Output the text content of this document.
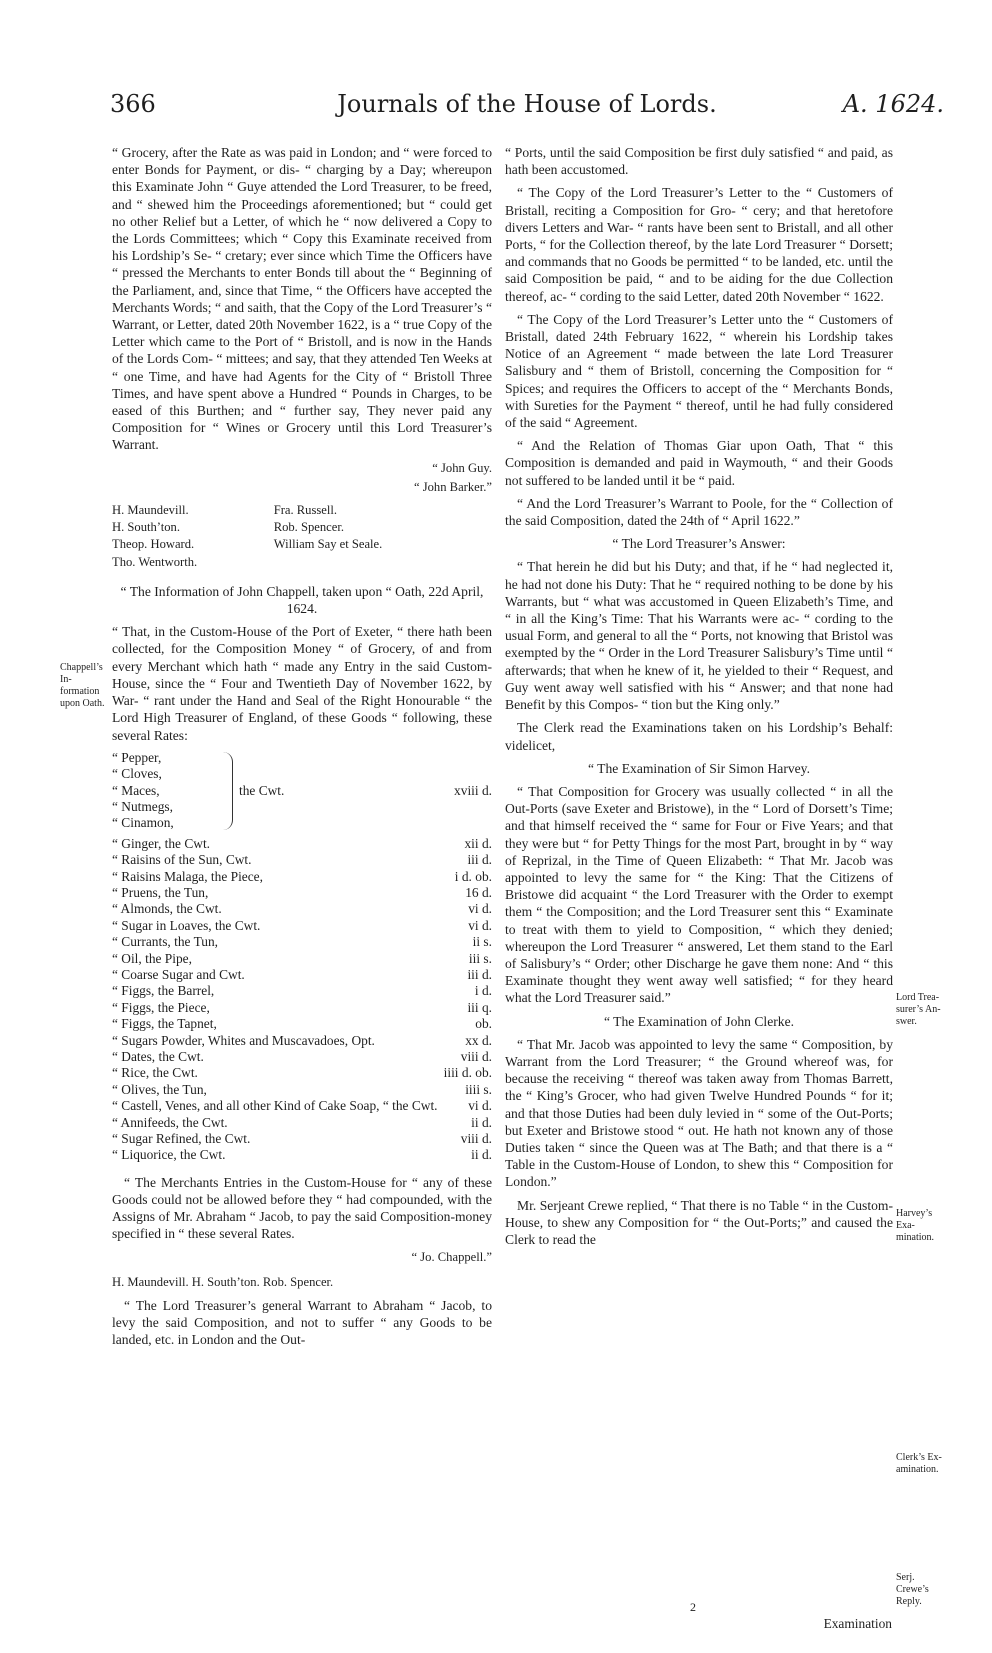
366	Journals of the House of Lords.	A. 1624.

“ Grocery, after the Rate as was paid in London; and “ were forced to enter Bonds for Payment, or dis- “ charging by a Day; whereupon this Examinate John “ Guye attended the Lord Treasurer, to be freed, and “ shewed him the Proceedings aforementioned; but “ could get no other Relief but a Letter, of which he “ now delivered a Copy to the Lords Committees; which “ Copy this Examinate received from his Lordship’s Se- “ cretary; ever since which Time the Officers have “ pressed the Merchants to enter Bonds till about the “ Beginning of the Parliament, and, since that Time, “ the Officers have accepted the Merchants Words; “ and saith, that the Copy of the Lord Treasurer’s “ Warrant, or Letter, dated 20th November 1622, is a “ true Copy of the Letter which came to the Port of “ Bristoll, and is now in the Hands of the Lords Com- “ mittees; and say, that they attended Ten Weeks at “ one Time, and have had Agents for the City of “ Bristoll Three Times, and have spent above a Hundred “ Pounds in Charges, to be eased of this Burthen; and “ further say, They never paid any Composition for “ Wines or Grocery until this Lord Treasurer’s Warrant.

“ John Guy.
“ John Barker.”
H. Maundevill.	Fra. Russell.
H. South’ton.	Rob. Spencer.
Theop. Howard.	William Say et Seale.
Tho. Wentworth.

“ The Information of John Chappell, taken upon “ Oath, 22d April, 1624.

“ That, in the Custom-House of the Port of Exeter, “ there hath been collected, for the Composition Money “ of Grocery, of and from every Merchant which hath “ made any Entry in the said Custom-House, since the “ Four and Twentieth Day of November 1622, by War- “ rant under the Hand and Seal of the Right Honourable “ the Lord High Treasurer of England, of these Goods “ following, these several Rates:

“ Pepper,
“ Cloves,
“ Maces,
“ Nutmegs,
“ Cinamon,
the Cwt.	xviii d.
“ Ginger, the Cwt.	xii d.
“ Raisins of the Sun, Cwt.	iii d.
“ Raisins Malaga, the Piece,	i d. ob.
“ Pruens, the Tun,	16 d.
“ Almonds, the Cwt.	vi d.
“ Sugar in Loaves, the Cwt.	vi d.
“ Currants, the Tun,	ii s.
“ Oil, the Pipe,	iii s.
“ Coarse Sugar and Cwt.	iii d.
“ Figgs, the Barrel,	i d.
“ Figgs, the Piece,	iii q.
“ Figgs, the Tapnet,	ob.
“ Sugars Powder, Whites and Muscavadoes, Opt.	xx d.
“ Dates, the Cwt.	viii d.
“ Rice, the Cwt.	iiii d. ob.
“ Olives, the Tun,	iiii s.
“ Castell, Venes, and all other Kind of Cake Soap, “ the Cwt.	vi d.
“ Annifeeds, the Cwt.	ii d.
“ Sugar Refined, the Cwt.	viii d.
“ Liquorice, the Cwt.	ii d.

“ The Merchants Entries in the Custom-House for “ any of these Goods could not be allowed before they “ had compounded, with the Assigns of Mr. Abraham “ Jacob, to pay the said Composition-money specified in “ these several Rates.

“ Jo. Chappell.”

H. Maundevill. H. South’ton. Rob. Spencer.

“ The Lord Treasurer’s general Warrant to Abraham “ Jacob, to levy the said Composition, and not to suffer “ any Goods to be landed, etc. in London and the Out-

Chappell’s In- formation upon Oath.

“ Ports, until the said Composition be first duly satisfied “ and paid, as hath been accustomed.

“ The Copy of the Lord Treasurer’s Letter to the “ Customers of Bristall, reciting a Composition for Gro- “ cery; and that heretofore divers Letters and War- “ rants have been sent to Bristall, and all other Ports, “ for the Collection thereof, by the late Lord Treasurer “ Dorsett; and commands that no Goods be permitted “ to be landed, etc. until the said Composition be paid, “ and to be aiding for the due Collection thereof, ac- “ cording to the said Letter, dated 20th November “ 1622.

“ The Copy of the Lord Treasurer’s Letter unto the “ Customers of Bristall, dated 24th February 1622, “ wherein his Lordship takes Notice of an Agreement “ made between the late Lord Treasurer Salisbury and “ them of Bristoll, concerning the Composition for “ Spices; and requires the Officers to accept of the “ Merchants Bonds, with Sureties for the Payment “ thereof, until he had fully considered of the said “ Agreement.

“ And the Relation of Thomas Giar upon Oath, That “ this Composition is demanded and paid in Waymouth, “ and their Goods not suffered to be landed until it be “ paid.

“ And the Lord Treasurer’s Warrant to Poole, for the “ Collection of the said Composition, dated the 24th of “ April 1622.”

“ The Lord Treasurer’s Answer:

“ That herein he did but his Duty; and that, if he “ had neglected it, he had not done his Duty: That he “ required nothing to be done by his Warrants, but “ what was accustomed in Queen Elizabeth’s Time, and “ in all the King’s Time: That his Warrants were ac- “ cording to the usual Form, and general to all the “ Ports, not knowing that Bristol was exempted by the “ Order in the Lord Treasurer Salisbury’s Time until “ afterwards; that when he knew of it, he yielded to their “ Request, and Guy went away well satisfied with his “ Answer; and that none had Benefit by this Compos- “ tion but the King only.”

The Clerk read the Examinations taken on his Lordship’s Behalf: videlicet,

“ The Examination of Sir Simon Harvey.

“ That Composition for Grocery was usually collected “ in all the Out-Ports (save Exeter and Bristowe), in the “ Lord of Dorsett’s Time; and that himself received the “ same for Four or Five Years; and that they were but “ for Petty Things for the most Part, brought in by “ way of Reprizal, in the Time of Queen Elizabeth: “ That Mr. Jacob was appointed to levy the same for “ the King: That the Citizens of Bristowe did acquaint “ the Lord Treasurer with the Order to exempt them “ the Composition; and the Lord Treasurer sent this “ Examinate to treat with them to yield to Composition, “ which they denied; whereupon the Lord Treasurer “ answered, Let them stand to the Earl of Salisbury’s “ Order; other Discharge he gave them none: And “ this Examinate thought they went away well satisfied; “ for they heard what the Lord Treasurer said.”

“ The Examination of John Clerke.

“ That Mr. Jacob was appointed to levy the same “ Composition, by Warrant from the Lord Treasurer; “ the Ground whereof was, for because the receiving “ thereof was taken away from Thomas Barrett, the “ King’s Grocer, who had given Twelve Hundred Pounds “ for it; and that those Duties had been duly levied in “ some of the Out-Ports; but Exeter and Bristowe stood “ out. He hath not known any of those Duties taken “ since the Queen was at The Bath; and that there is a “ Table in the Custom-House of London, to shew this “ Composition for London.”

Mr. Serjeant Crewe replied, “ That there is no Table “ in the Custom-House, to shew any Composition for “ the Out-Ports;” and caused the Clerk to read the

Lord Trea- surer’s An- swer.
Harvey’s Exa- mination.
Clerk’s Ex- amination.
Serj. Crewe’s Reply.
2
Examination
